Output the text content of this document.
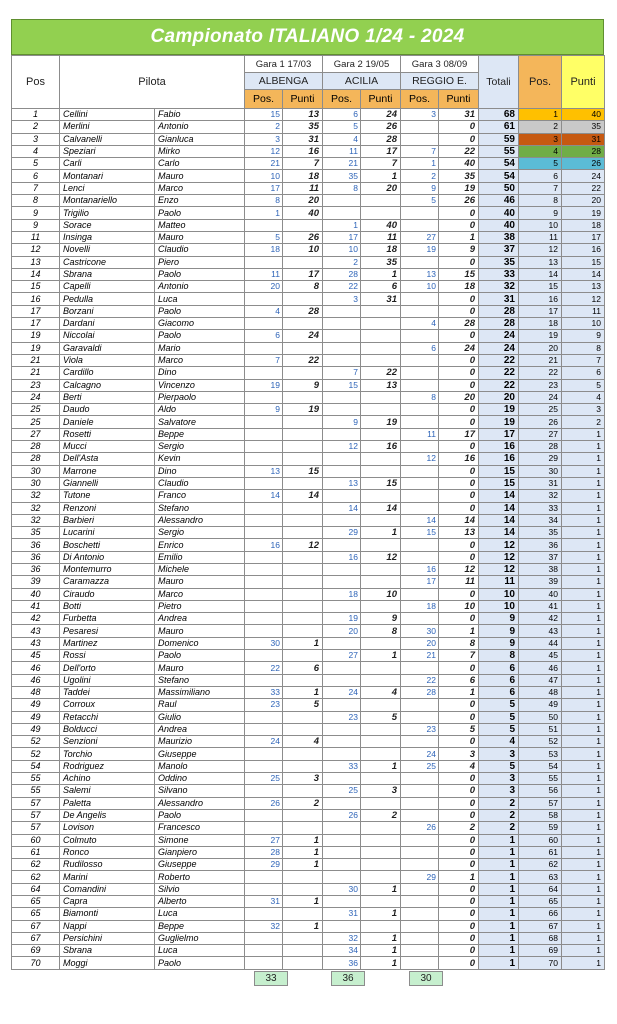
Campionato ITALIANO 1/24 - 2024
Pos	Pilota		Gara 1 17/03		Gara 2 19/05		Gara 3 08/09		Totali	Pos.	Punti
			ALBENGA		ACILIA		REGGIO E.				
			Pos.	Punti	Pos.	Punti	Pos.	Punti			
1	Cellini	Fabio	15	13	6	24	3	31	68	1	40
2	Merlini	Antonio	2	35	5	26		0	61	2	35
3	Calvanelli	Gianluca	3	31	4	28		0	59	3	31
4	Speziari	Mirko	12	16	11	17	7	22	55	4	28
5	Carli	Carlo	21	7	21	7	1	40	54	5	26
6	Montanari	Mauro	10	18	35	1	2	35	54	6	24
7	Lenci	Marco	17	11	8	20	9	19	50	7	22
8	Montanariello	Enzo	8	20			5	26	46	8	20
9	Trigilio	Paolo	1	40				0	40	9	19
9	Sorace	Matteo			1	40		0	40	10	18
11	Insinga	Mauro	5	26	17	11	27	1	38	11	17
12	Novelli	Claudio	18	10	10	18	19	9	37	12	16
13	Castricone	Piero			2	35		0	35	13	15
14	Sbrana	Paolo	11	17	28	1	13	15	33	14	14
15	Capelli	Antonio	20	8	22	6	10	18	32	15	13
16	Pedulla	Luca			3	31		0	31	16	12
17	Borzani	Paolo	4	28				0	28	17	11
17	Dardani	Giacomo					4	28	28	18	10
19	Niccolai	Paolo	6	24				0	24	19	9
19	Garavaldi	Mario					6	24	24	20	8
21	Viola	Marco	7	22				0	22	21	7
21	Cardillo	Dino			7	22		0	22	22	6
23	Calcagno	Vincenzo	19	9	15	13		0	22	23	5
24	Berti	Pierpaolo					8	20	20	24	4
25	Daudo	Aldo	9	19				0	19	25	3
25	Daniele	Salvatore			9	19		0	19	26	2
27	Rosetti	Beppe					11	17	17	27	1
28	Mucci	Sergio			12	16		0	16	28	1
28	Dell'Asta	Kevin					12	16	16	29	1
30	Marrone	Dino	13	15				0	15	30	1
30	Giannelli	Claudio			13	15		0	15	31	1
32	Tutone	Franco	14	14				0	14	32	1
32	Renzoni	Stefano			14	14		0	14	33	1
32	Barbieri	Alessandro					14	14	14	34	1
35	Lucarini	Sergio			29	1	15	13	14	35	1
36	Boschetti	Enrico	16	12				0	12	36	1
36	Di Antonio	Emilio			16	12		0	12	37	1
36	Montemurro	Michele					16	12	12	38	1
39	Caramazza	Mauro					17	11	11	39	1
40	Ciraudo	Marco			18	10		0	10	40	1
41	Botti	Pietro					18	10	10	41	1
42	Furbetta	Andrea			19	9		0	9	42	1
43	Pesaresi	Mauro			20	8	30	1	9	43	1
43	Martinez	Domenico	30	1			20	8	9	44	1
45	Rossi	Paolo			27	1	21	7	8	45	1
46	Dell'orto	Mauro	22	6				0	6	46	1
46	Ugolini	Stefano					22	6	6	47	1
48	Taddei	Massimiliano	33	1	24	4	28	1	6	48	1
49	Corroux	Raul	23	5				0	5	49	1
49	Retacchi	Giulio			23	5		0	5	50	1
49	Bolducci	Andrea					23	5	5	51	1
52	Senzioni	Maurizio	24	4				0	4	52	1
52	Torchio	Giuseppe					24	3	3	53	1
54	Rodriguez	Manolo			33	1	25	4	5	54	1
55	Achino	Oddino	25	3				0	3	55	1
55	Salemi	Silvano			25	3		0	3	56	1
57	Paletta	Alessandro	26	2				0	2	57	1
57	De Angelis	Paolo			26	2		0	2	58	1
57	Lovison	Francesco					26	2	2	59	1
60	Colmuto	Simone	27	1				0	1	60	1
61	Ronco	Gianpiero	28	1				0	1	61	1
62	Rudilosso	Giuseppe	29	1				0	1	62	1
62	Marini	Roberto					29	1	1	63	1
64	Comandini	Silvio			30	1		0	1	64	1
65	Capra	Alberto	31	1				0	1	65	1
65	Biamonti	Luca			31	1		0	1	66	1
67	Nappi	Beppe	32	1				0	1	67	1
67	Persichini	Guglielmo			32	1		0	1	68	1
69	Sbrana	Luca			34	1		0	1	69	1
70	Moggi	Paolo			36	1		0	1	70	1
33	36	30
